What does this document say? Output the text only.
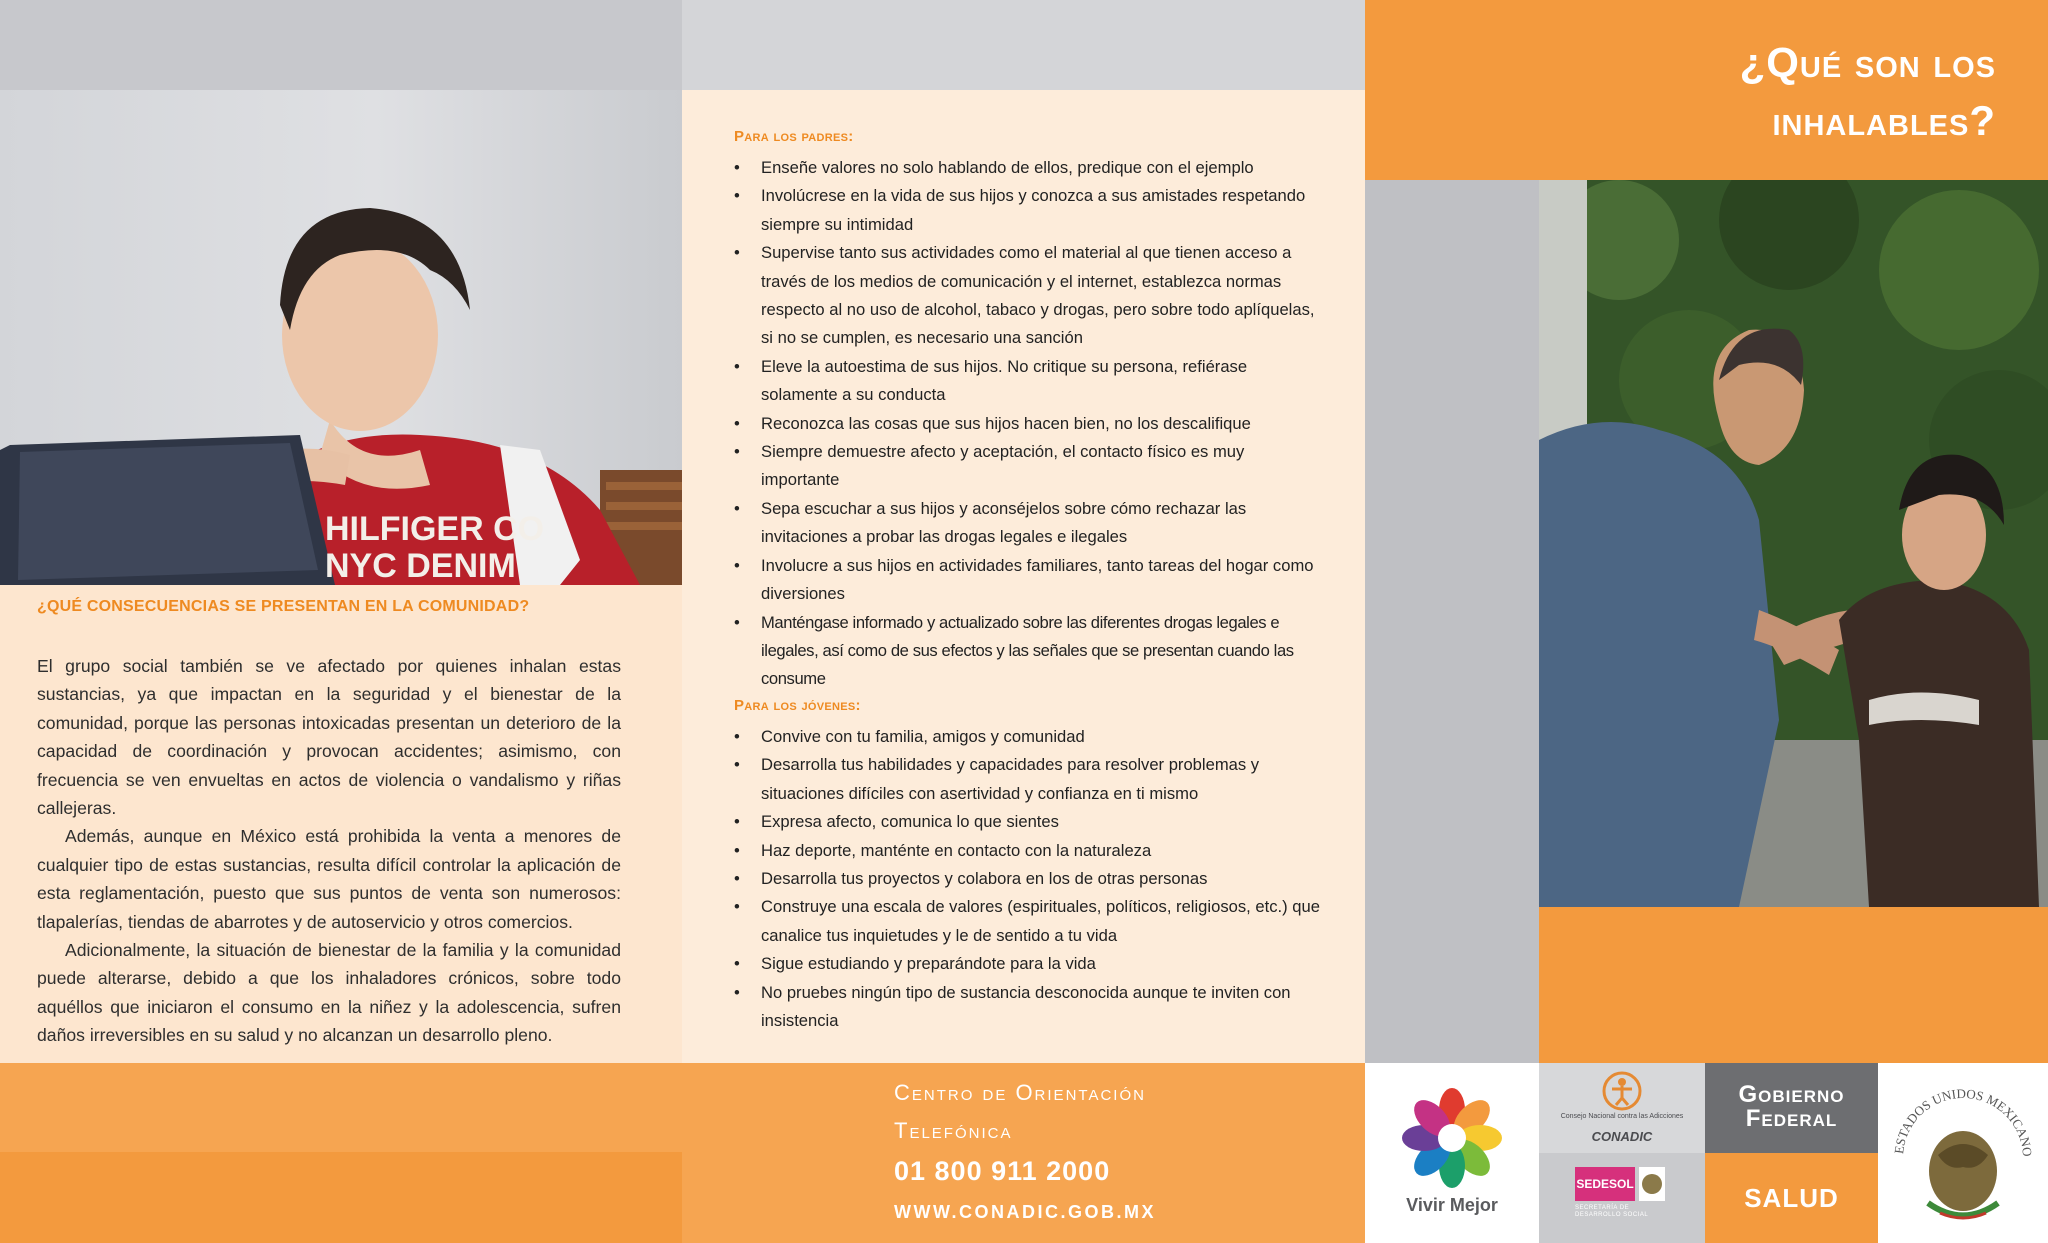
HILFIGER CO
NYC DENIM
¿QUÉ CONSECUENCIAS SE PRESENTAN EN LA COMUNIDAD?

El grupo social también se ve afectado por quienes inhalan estas sustancias, ya que impactan en la seguridad y el bienestar de la comunidad, porque las personas intoxicadas presentan un deterioro de la capacidad de coordinación y provocan accidentes; asimismo, con frecuencia se ven envueltas en actos de violencia o vandalismo y riñas callejeras.

Además, aunque en México está prohibida la venta a menores de cualquier tipo de estas sustancias, resulta difícil controlar la aplicación de esta reglamentación, puesto que sus puntos de venta son numerosos: tlapalerías, tiendas de abarrotes y de autoservicio y otros comercios.

Adicionalmente, la situación de bienestar de la familia y la comunidad puede alterarse, debido a que los inhaladores crónicos, sobre todo aquéllos que iniciaron el consumo en la niñez y la adolescencia, sufren daños irreversibles en su salud y no alcanzan un desarrollo pleno.

Para los padres:
• Enseñe valores no solo hablando de ellos, predique con el ejemplo
• Involúcrese en la vida de sus hijos y conozca a sus amistades respetando siempre su intimidad
• Supervise tanto sus actividades como el material al que tienen acceso a través de los medios de comunicación y el internet, establezca normas respecto al no uso de alcohol, tabaco y drogas, pero sobre todo aplíquelas, si no se cumplen, es necesario una sanción
• Eleve la autoestima de sus hijos. No critique su persona, refiérase solamente a su conducta
• Reconozca las cosas que sus hijos hacen bien, no los descalifique
• Siempre demuestre afecto y aceptación, el contacto físico es muy importante
• Sepa escuchar a sus hijos y aconséjelos sobre cómo rechazar las invitaciones a probar las drogas legales e ilegales
• Involucre a sus hijos en actividades familiares, tanto tareas del hogar como diversiones
• Manténgase informado y actualizado sobre las diferentes drogas legales e ilegales, así como de sus efectos y las señales que se presentan cuando las consume
Para los jóvenes:
• Convive con tu familia, amigos y comunidad
• Desarrolla tus habilidades y capacidades para resolver problemas y situaciones difíciles con asertividad y confianza en ti mismo
• Expresa afecto, comunica lo que sientes
• Haz deporte, manténte en contacto con la naturaleza
• Desarrolla tus proyectos y colabora en los de otras personas
• Construye una escala de valores (espirituales, políticos, religiosos, etc.) que canalice tus inquietudes y le de sentido a tu vida
• Sigue estudiando y preparándote para la vida
• No pruebes ningún tipo de sustancia desconocida aunque te inviten con insistencia
Centro de Orientación
Telefónica
01 800 911 2000
WWW.CONADIC.GOB.MX
¿Qué son los
inhalables?
Vivir Mejor
Consejo Nacional contra las Adicciones
CONADIC
SEDESOL
SECRETARÍA DE DESARROLLO SOCIAL
Gobierno
Federal
SALUD
ESTADOS UNIDOS MEXICANO
